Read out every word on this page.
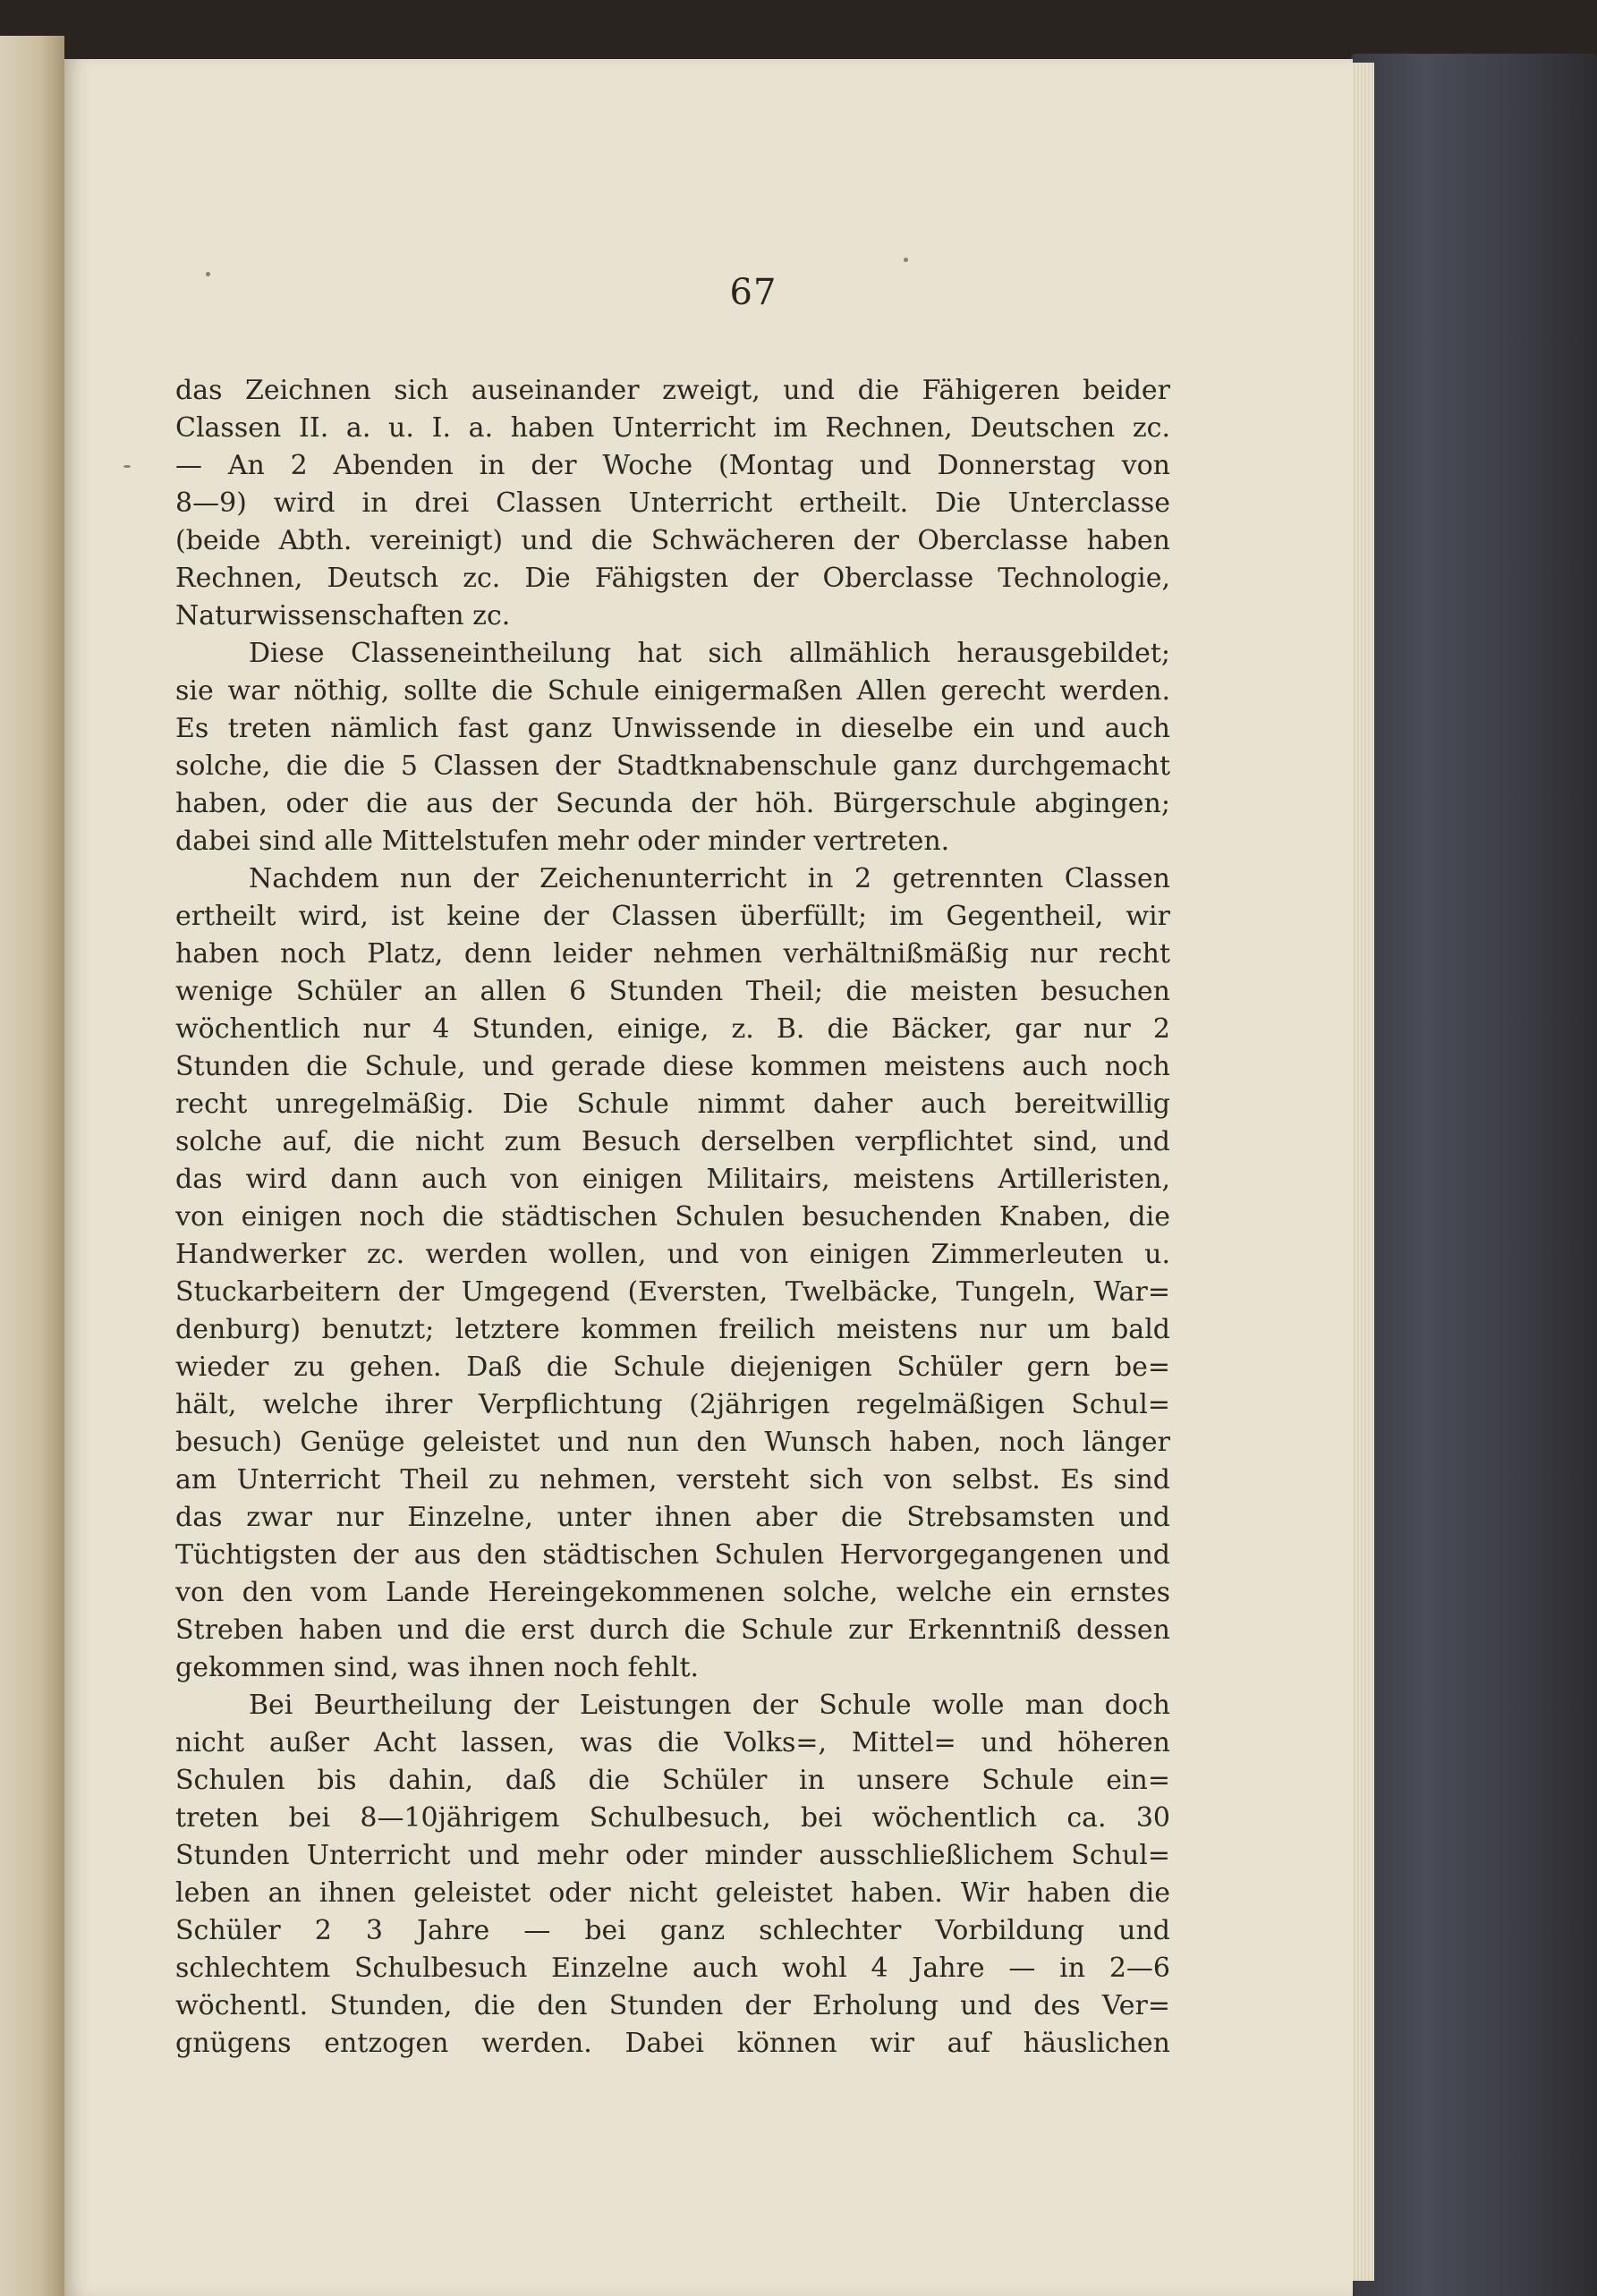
67
das Zeichnen sich auseinander zweigt, und die Fähigeren beider
Classen II. a. u. I. a. haben Unterricht im Rechnen, Deutschen zc.
— An 2 Abenden in der Woche (Montag und Donnerstag von
8—9) wird in drei Classen Unterricht ertheilt. Die Unterclasse
(beide Abth. vereinigt) und die Schwächeren der Oberclasse haben
Rechnen, Deutsch zc. Die Fähigsten der Oberclasse Technologie,
Naturwissenschaften zc.
Diese Classeneintheilung hat sich allmählich herausgebildet;
sie war nöthig, sollte die Schule einigermaßen Allen gerecht werden.
Es treten nämlich fast ganz Unwissende in dieselbe ein und auch
solche, die die 5 Classen der Stadtknabenschule ganz durchgemacht
haben, oder die aus der Secunda der höh. Bürgerschule abgingen;
dabei sind alle Mittelstufen mehr oder minder vertreten.
Nachdem nun der Zeichenunterricht in 2 getrennten Classen
ertheilt wird, ist keine der Classen überfüllt; im Gegentheil, wir
haben noch Platz, denn leider nehmen verhältnißmäßig nur recht
wenige Schüler an allen 6 Stunden Theil; die meisten besuchen
wöchentlich nur 4 Stunden, einige, z. B. die Bäcker, gar nur 2
Stunden die Schule, und gerade diese kommen meistens auch noch
recht unregelmäßig. Die Schule nimmt daher auch bereitwillig
solche auf, die nicht zum Besuch derselben verpflichtet sind, und
das wird dann auch von einigen Militairs, meistens Artilleristen,
von einigen noch die städtischen Schulen besuchenden Knaben, die
Handwerker zc. werden wollen, und von einigen Zimmerleuten u.
Stuckarbeitern der Umgegend (Eversten, Twelbäcke, Tungeln, War=
denburg) benutzt; letztere kommen freilich meistens nur um bald
wieder zu gehen. Daß die Schule diejenigen Schüler gern be=
hält, welche ihrer Verpflichtung (2jährigen regelmäßigen Schul=
besuch) Genüge geleistet und nun den Wunsch haben, noch länger
am Unterricht Theil zu nehmen, versteht sich von selbst. Es sind
das zwar nur Einzelne, unter ihnen aber die Strebsamsten und
Tüchtigsten der aus den städtischen Schulen Hervorgegangenen und
von den vom Lande Hereingekommenen solche, welche ein ernstes
Streben haben und die erst durch die Schule zur Erkenntniß dessen
gekommen sind, was ihnen noch fehlt.
Bei Beurtheilung der Leistungen der Schule wolle man doch
nicht außer Acht lassen, was die Volks=, Mittel= und höheren
Schulen bis dahin, daß die Schüler in unsere Schule ein=
treten bei 8—10jährigem Schulbesuch, bei wöchentlich ca. 30
Stunden Unterricht und mehr oder minder ausschließlichem Schul=
leben an ihnen geleistet oder nicht geleistet haben. Wir haben die
Schüler 2 3 Jahre — bei ganz schlechter Vorbildung und
schlechtem Schulbesuch Einzelne auch wohl 4 Jahre — in 2—6
wöchentl. Stunden, die den Stunden der Erholung und des Ver=
gnügens entzogen werden. Dabei können wir auf häuslichen
